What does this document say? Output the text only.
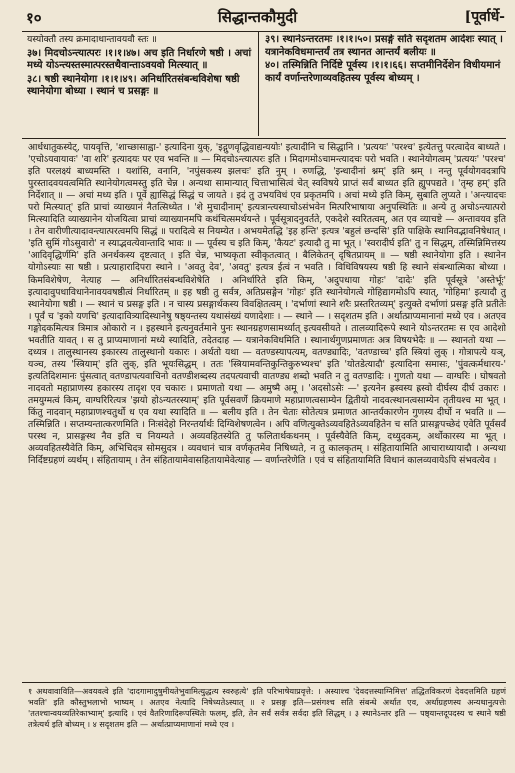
१०	सिद्धान्तकौमुदी	[पूर्वार्धे-

यस्योक्तौ तस्य क्रमादाधान्तावयवौ स्तः ॥

३७। मिदचोऽन्त्यात्परः ।१।१।४७। अच इति निर्धारणे षष्ठी । अचां मध्ये योऽन्त्यस्तस्मात्परस्तथैवान्ताऽवयवो मित्स्यात् ॥

३८। षष्ठी स्थानेयोगा ।१।१।४९। अनिर्धारितसंबन्धविशेषा षष्ठी स्थानेयोगा बोध्या । स्थानं च प्रसङ्गः ॥

३९। स्थानेऽन्तरतमः ।१।१।५०। प्रसङ्गे सति सदृशतम आदेशः स्यात् । यत्रानेकविधमान्तर्यं तत्र स्थानत आन्तर्यं बलीयः ॥

४०। तस्मिन्निति निर्दिष्टे पूर्वस्य ।१।१।६६। सप्तमीनिर्देशेन विधीयमानं कार्यं वर्णान्तरेणाव्यवहितस्य पूर्वस्य बोध्यम् ।

आर्धधातुकस्येट्, पायवृत्ति, 'शाच्छासाह्वा-' इत्यादिना युक्, 'इद्गुणवृद्धिवाद्यन्ययोः' इत्यादीनि च सिद्धानि । 'प्रत्ययः' 'परश्च' इत्येतत्तु परत्वादेव बाध्यते । 'एचोऽयवायावः' 'वा शरि' इत्यादयः पर एव भवन्ति ॥ — मिदचोऽन्त्यात्परः इति । मिदागमोऽचामन्त्यादचः परो भवति । स्थानेयोगत्वम् 'प्रत्ययः' 'परश्च' इति परलक्ष्यं बाध्यमस्ति । यशांसि, वनानि, 'नपुंसकस्य झलचः' इति नुम् । रुणद्धि, 'इन्धादीनां श्नम्' इति श्नम् । नन्तु पूर्वयोगवदत्रापि पुरस्तादवयवत्वमिति स्थानेयोगत्वमस्तु इति चेन्न । अन्यथा सामान्यात् चित्ताभासित्वं चेत् स्वविषये प्राप्तं सर्वं बाध्यत इति ह्युपपद्यते । 'तृम्ह हम्' इति निर्देशात् ॥ — अचां मध्य इति । पूर्वे ह्यासिद्धं सिद्धं च जायते । इदं तु उभयविधं एव प्रकृतमपि । अचां मध्ये इति किम्, सुबाति लुप्यते । 'अन्त्यादचः परो मित्स्यात्' इति प्राचां व्याख्यानं नैतत्सिध्येत । 'शे मुचादीनाम्' इत्यत्रान्त्यस्याचोऽसंभवेन मित्परिभाषाया अनुपस्थितिः ॥ अन्ये तु अचोऽन्त्यात्परो मित्स्यादिति व्याख्यानेन योजयित्वा प्राचां व्याख्यानमपि कथंचित्समर्थयन्ते । पूर्वसूत्रादनुवर्तते, एकदेशे स्वरितत्वम्, अत एव व्याचष्टे — अन्तावयव इति । तेन वारीणीत्यादावन्त्यात्परत्वमपि सिद्धं ॥ परादित्वे स नियम्येत । अभयमेतद्धि 'इह हन्ति' इत्यत्र 'बहुलं छन्दसि' इति पाक्षिके स्थानिवद्भावनिषेधात् । 'इति सुमिं गोऽसुवारो' न स्याद्भवत्येवान्तादि भावः ॥ — पूर्वस्य च इति किम्, 'कैयट' इत्यादौ तु मा भूत् । 'स्वरादीर्घ इति' तु न सिद्धम्, तस्मिन्निमित्तस्य 'आदिवृद्धिर्णमि' इति अनर्थकस्य दृष्टत्वात् । इति चेन्न, भाष्यकृता स्वीकृतत्वात् । बैलिकेतन् दृषितप्रायम् ॥ — षष्ठी स्थानेयोगा इति । स्थानेन योगोऽस्याः सा षष्ठी । प्रत्याहारादिपरा स्थाने । 'अवतु देव', 'अवतु' इत्यत्र ईत्वं न भवति । विधिविषयस्य षष्ठी हि स्थाने संबन्धात्मिका बोध्या । किमविशेषेण, नेत्याह — अनिर्धारितसंबन्धविशेषेति । अनिर्धारिते इति किम्, 'अदुपधाया गोहः' 'दादेः' इति पूर्वसूत्रे 'अस्तेर्भूः' इत्यादावुपधाविधानेनावयवषष्ठीत्वं निर्धारितम् ॥ इह षष्ठी तु सर्वत्र, अतिप्रसङ्गेन 'गोहः' इति स्थानेयोगत्वे गोहिद्यागमोऽपि स्यात्, 'गोहिमा' इत्यादौ तु स्थानेयोगा षष्ठी । — स्थानं च प्रसङ्ग इति । न चास्य प्रसङ्गार्थकस्य विवक्षितत्वम् । 'दर्भाणां स्थाने शरैः प्रस्तरितव्यम्' इत्युक्ते दर्भाणां प्रसङ्ग इति प्रतीतेः । पूर्वं च 'इको यणचि' इत्यादावित्र्यादिस्थानेषु षष्ठ्यन्तस्य यथासंख्यं यणादेशाः । — स्थाने — । सदृशतम इति । अर्थात्प्राप्यमानानां मध्ये एव । अतएव गङ्गोदकमित्यत्र त्रिमात्र ओकारो न । इहस्थाने इत्यनुवर्तमाने पुनः स्थानग्रहणसामर्थ्यात् इत्यवसीयते । तालव्यादिरूपे स्थाने योऽन्तरतमः स एव आदेशो भवतीति यावत् । स तु प्राप्यमाणानां मध्ये स्यादिति, तदेतदाह — यत्रानेकविधमिति । स्थानार्थगुणप्रमाणतः अत्र विषयभेदैः ॥ — स्थानतो यथा — दध्यत्र । तालुस्थानस्य इकारस्य तालुस्थानो यकारः । अर्थतो यथा — वतण्डस्यापत्यम्, वतण्ड्यादिः, 'वतण्डाच्च' इति स्त्रियां लुक् । गोत्रापत्ये यञ्, यञ्च, तस्य 'स्त्रियाम्' इति लुक्, इति भूयःसिद्धम् । ततः 'स्त्रियामवन्तिकुन्तिकुरुभ्यश्च' इति 'योतडेत्यादौ' इत्यादिना समासः, 'पुंवत्कर्मधारय-' इत्यतिदिशमानः पुंसत्वात् वतण्डापत्यवाचिनो वतण्डीशब्दस्य तदपत्यवाची वातण्ड्य शब्दो भवति न तु वतण्डादिः । गुणतो यथा — वाग्घरिः । घोषवतो नादवतो महाप्राणस्य हकारस्य तादृश एव चकारः । प्रमाणतो यथा — अमुष्मै अमू । 'अदसोऽसेः —' इत्यनेन ह्रस्वस्य ह्रस्वो दीर्घस्य दीर्घ उकारः । तमयुग्मत्वं किम्, वाग्घरिरित्यत्र 'झयो होऽन्यतरस्याम्' इति पूर्वसवर्णे क्रियमाणे महाप्राणत्वसाम्येन द्वितीयो नादवत्स्थानत्वसाम्येन तृतीयश्च मा भूत् । किंतु नादवान् महाप्राणश्चतुर्थो ध एव यथा स्यादिति ॥ — बलीय इति । तेन चेताः सोतेत्यत्र प्रमाणत आन्तर्यकारणेन गुणस्य दीर्घो न भवति ॥ — तस्मिन्निति । सप्तम्यन्तात्करणमिति । निःसंदेहो निरन्तर्यार्थः दिग्विशेषणत्वेन । अपि वणित्युक्तेऽव्यवहितेऽव्यवहितेन च सति प्रासङ्गपच्छेदं एवेति पूर्वसर्वं परस्थ न, प्रासङ्गस्थ नैव इति च नियम्यते । अव्यवहितस्येति तु फलितार्थकथनम् । पूर्वस्यैवेति किम्, दध्युदकम्, अर्थोकारस्य मा भूत् । अव्यवहितस्यैवेति किम्, अभिचिदत्र सोमसुदत्र । व्यवधानं चात्र वर्णकृतमेव निषिध्यते, न तु कालकृतम् । संहितायामिति आचाराध्यायादौ । अन्यथा निर्दिष्टग्रहणं व्यर्थम् । संहितायाम् । तेन संहितायामेवासहितायामेवेत्याह — वर्णान्तरेणेति । एवं च संहितायामिति विधानं कालव्यवायेऽपि संभवत्येव ।
१ अथवावाविति—अवयवत्वे इति 'दादगामादुषुमीयतेभुवामित्युद्धत्य स्वरुहत्ये' इति परिभाषेयाप्रवृत्ते: । अस्याश्च 'देवदत्तस्याग्निमित्त' तद्धितविकरणं देवदत्तमिति ग्रहणं भवति' इति कौस्तुभलाभो भाष्यम् । अतएव नेत्यादि निषेध्यतेऽस्यात् ॥ २ प्रसङ्ग इति—प्रसंगश्च सति संबन्धे अर्थात एव, अर्थाग्रहणस्य अन्यथानुत्पत्तेः 'ततश्चान्वयव्यतिरेकाभ्याम्' इत्यादि । एवं वैतरिणादिरूपस्थितेः फलम्, इति, तेन सर्वं सर्वत्र सर्वदा इति सिद्धम् । ३ स्थानेऽन्तर इति — पष्ठ्यान्तदूपदस्य च स्थाने षष्ठी तत्रेत्यर्थ इति बोध्यम् । ४ सदृशतम इति — अर्थात्प्राप्यमाणानां मध्ये एव ।
